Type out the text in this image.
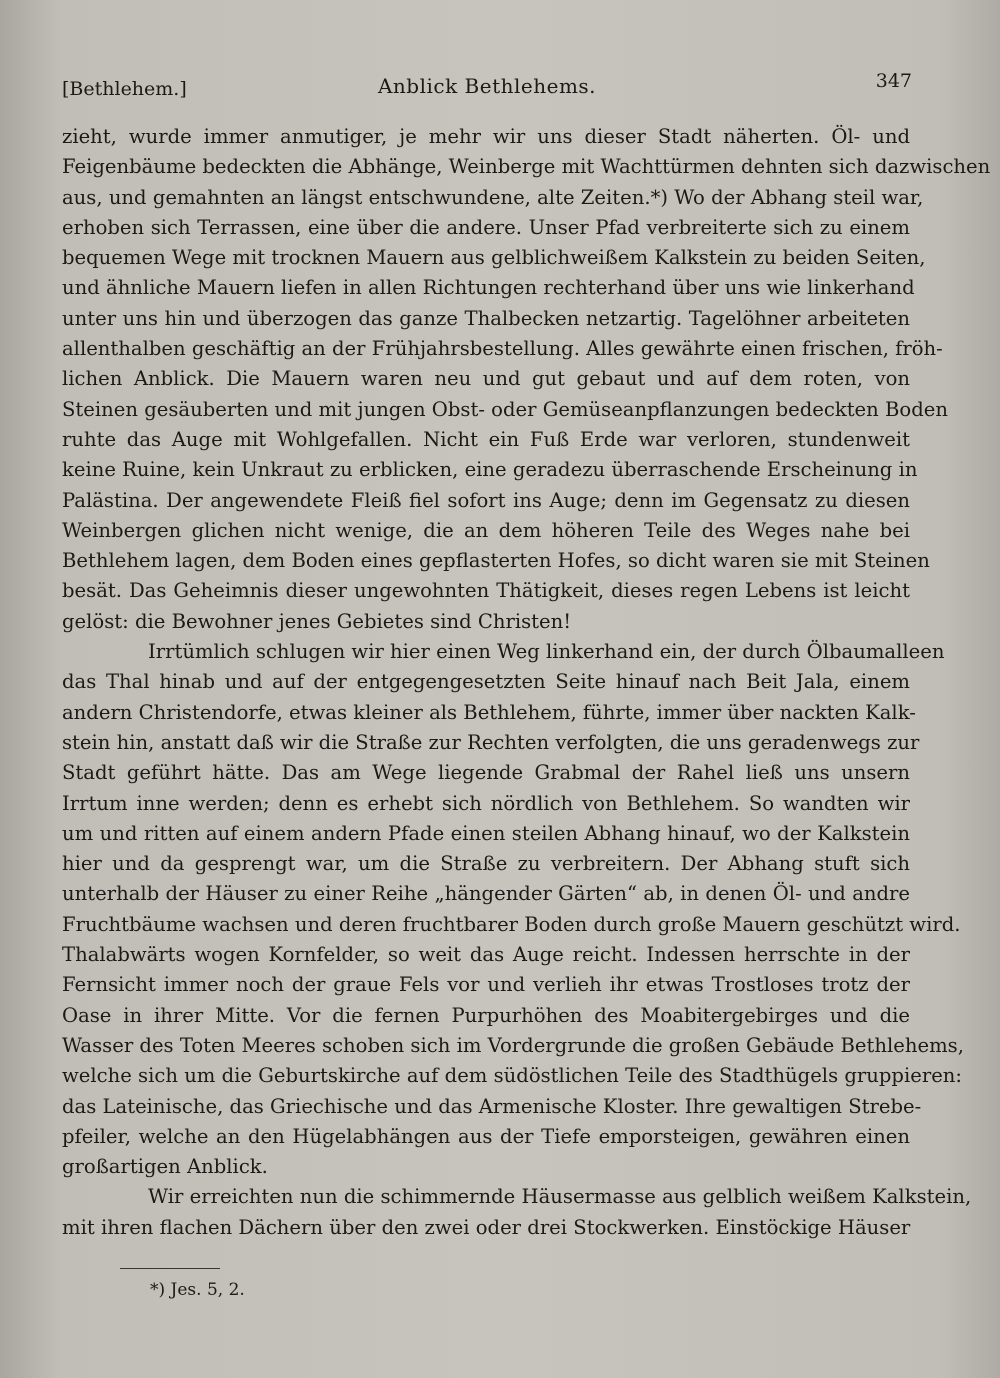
[Bethlehem.]	Anblick Bethlehems.	347
zieht, wurde immer anmutiger, je mehr wir uns dieser Stadt näherten. Öl- und
Feigenbäume bedeckten die Abhänge, Weinberge mit Wachttürmen dehnten sich dazwischen
aus, und gemahnten an längst entschwundene, alte Zeiten.*) Wo der Abhang steil war,
erhoben sich Terrassen, eine über die andere. Unser Pfad verbreiterte sich zu einem
bequemen Wege mit trocknen Mauern aus gelblichweißem Kalkstein zu beiden Seiten,
und ähnliche Mauern liefen in allen Richtungen rechterhand über uns wie linkerhand
unter uns hin und überzogen das ganze Thalbecken netzartig. Tagelöhner arbeiteten
allenthalben geschäftig an der Frühjahrsbestellung. Alles gewährte einen frischen, fröh-
lichen Anblick. Die Mauern waren neu und gut gebaut und auf dem roten, von
Steinen gesäuberten und mit jungen Obst- oder Gemüseanpflanzungen bedeckten Boden
ruhte das Auge mit Wohlgefallen. Nicht ein Fuß Erde war verloren, stundenweit
keine Ruine, kein Unkraut zu erblicken, eine geradezu überraschende Erscheinung in
Palästina. Der angewendete Fleiß fiel sofort ins Auge; denn im Gegensatz zu diesen
Weinbergen glichen nicht wenige, die an dem höheren Teile des Weges nahe bei
Bethlehem lagen, dem Boden eines gepflasterten Hofes, so dicht waren sie mit Steinen
besät. Das Geheimnis dieser ungewohnten Thätigkeit, dieses regen Lebens ist leicht
gelöst: die Bewohner jenes Gebietes sind Christen!
Irrtümlich schlugen wir hier einen Weg linkerhand ein, der durch Ölbaumalleen
das Thal hinab und auf der entgegengesetzten Seite hinauf nach Beit Jala, einem
andern Christendorfe, etwas kleiner als Bethlehem, führte, immer über nackten Kalk-
stein hin, anstatt daß wir die Straße zur Rechten verfolgten, die uns geradenwegs zur
Stadt geführt hätte. Das am Wege liegende Grabmal der Rahel ließ uns unsern
Irrtum inne werden; denn es erhebt sich nördlich von Bethlehem. So wandten wir
um und ritten auf einem andern Pfade einen steilen Abhang hinauf, wo der Kalkstein
hier und da gesprengt war, um die Straße zu verbreitern. Der Abhang stuft sich
unterhalb der Häuser zu einer Reihe „hängender Gärten“ ab, in denen Öl- und andre
Fruchtbäume wachsen und deren fruchtbarer Boden durch große Mauern geschützt wird.
Thalabwärts wogen Kornfelder, so weit das Auge reicht. Indessen herrschte in der
Fernsicht immer noch der graue Fels vor und verlieh ihr etwas Trostloses trotz der
Oase in ihrer Mitte. Vor die fernen Purpurhöhen des Moabitergebirges und die
Wasser des Toten Meeres schoben sich im Vordergrunde die großen Gebäude Bethlehems,
welche sich um die Geburtskirche auf dem südöstlichen Teile des Stadthügels gruppieren:
das Lateinische, das Griechische und das Armenische Kloster. Ihre gewaltigen Strebe-
pfeiler, welche an den Hügelabhängen aus der Tiefe emporsteigen, gewähren einen
großartigen Anblick.
Wir erreichten nun die schimmernde Häusermasse aus gelblich weißem Kalkstein,
mit ihren flachen Dächern über den zwei oder drei Stockwerken. Einstöckige Häuser
*) Jes. 5, 2.
